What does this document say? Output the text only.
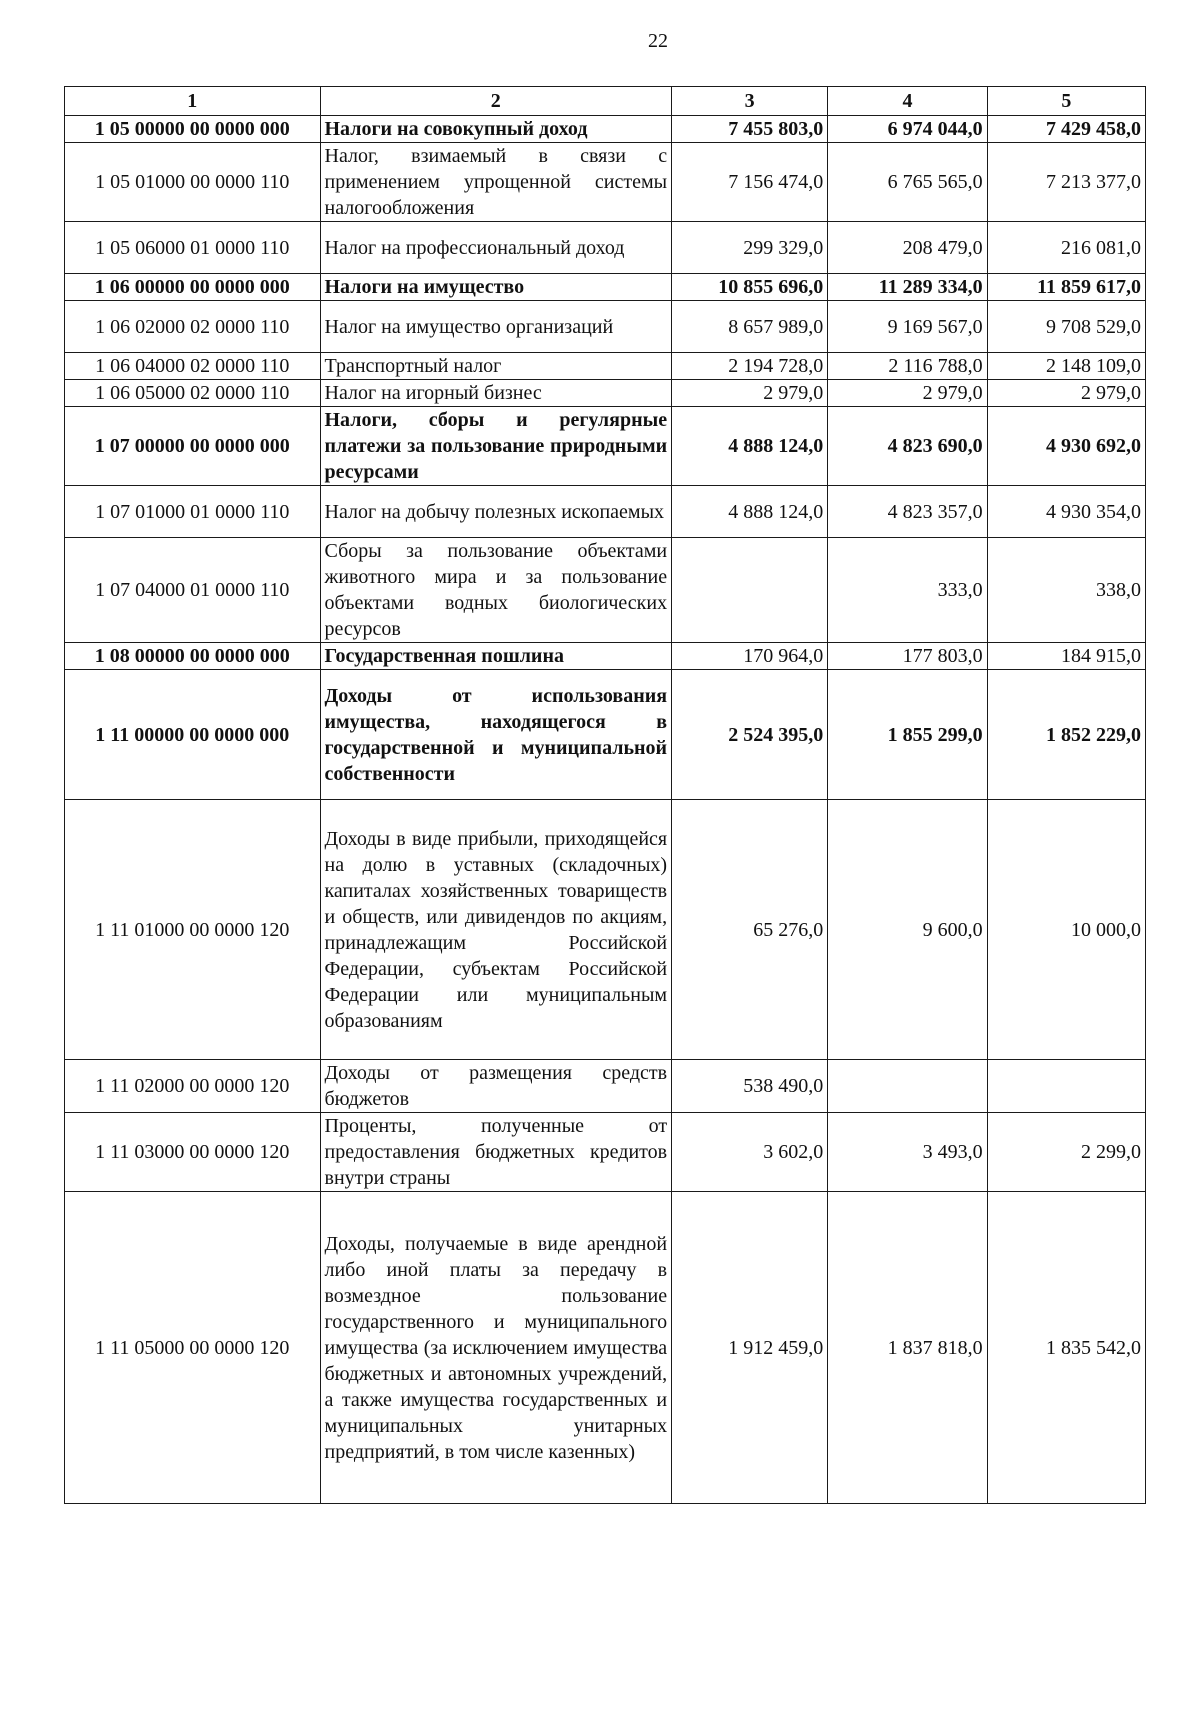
22
1	2	3	4	5
1 05 00000 00 0000 000	Налоги на совокупный доход	7 455 803,0	6 974 044,0	7 429 458,0
1 05 01000 00 0000 110	Налог, взимаемый в связи с применением упрощенной системы налогообложения	7 156 474,0	6 765 565,0	7 213 377,0
1 05 06000 01 0000 110	Налог на профессиональный доход	299 329,0	208 479,0	216 081,0
1 06 00000 00 0000 000	Налоги на имущество	10 855 696,0	11 289 334,0	11 859 617,0
1 06 02000 02 0000 110	Налог на имущество организаций	8 657 989,0	9 169 567,0	9 708 529,0
1 06 04000 02 0000 110	Транспортный налог	2 194 728,0	2 116 788,0	2 148 109,0
1 06 05000 02 0000 110	Налог на игорный бизнес	2 979,0	2 979,0	2 979,0
1 07 00000 00 0000 000	Налоги, сборы и регулярные платежи за пользование природными ресурсами	4 888 124,0	4 823 690,0	4 930 692,0
1 07 01000 01 0000 110	Налог на добычу полезных ископаемых	4 888 124,0	4 823 357,0	4 930 354,0
1 07 04000 01 0000 110	Сборы за пользование объектами животного мира и за пользование объектами водных биологических ресурсов		333,0	338,0
1 08 00000 00 0000 000	Государственная пошлина	170 964,0	177 803,0	184 915,0
1 11 00000 00 0000 000	Доходы от использования имущества, находящегося в государственной и муниципальной собственности	2 524 395,0	1 855 299,0	1 852 229,0
1 11 01000 00 0000 120	Доходы в виде прибыли, приходящейся на долю в уставных (складочных) капиталах хозяйственных товариществ и обществ, или дивидендов по акциям, принадлежащим Российской Федерации, субъектам Российской Федерации или муниципальным образованиям	65 276,0	9 600,0	10 000,0
1 11 02000 00 0000 120	Доходы от размещения средств бюджетов	538 490,0		
1 11 03000 00 0000 120	Проценты, полученные от предоставления бюджетных кредитов внутри страны	3 602,0	3 493,0	2 299,0
1 11 05000 00 0000 120	Доходы, получаемые в виде арендной либо иной платы за передачу в возмездное пользование государственного и муниципального имущества (за исключением имущества бюджетных и автономных учреждений, а также имущества государственных и муниципальных унитарных предприятий, в том числе казенных)	1 912 459,0	1 837 818,0	1 835 542,0
